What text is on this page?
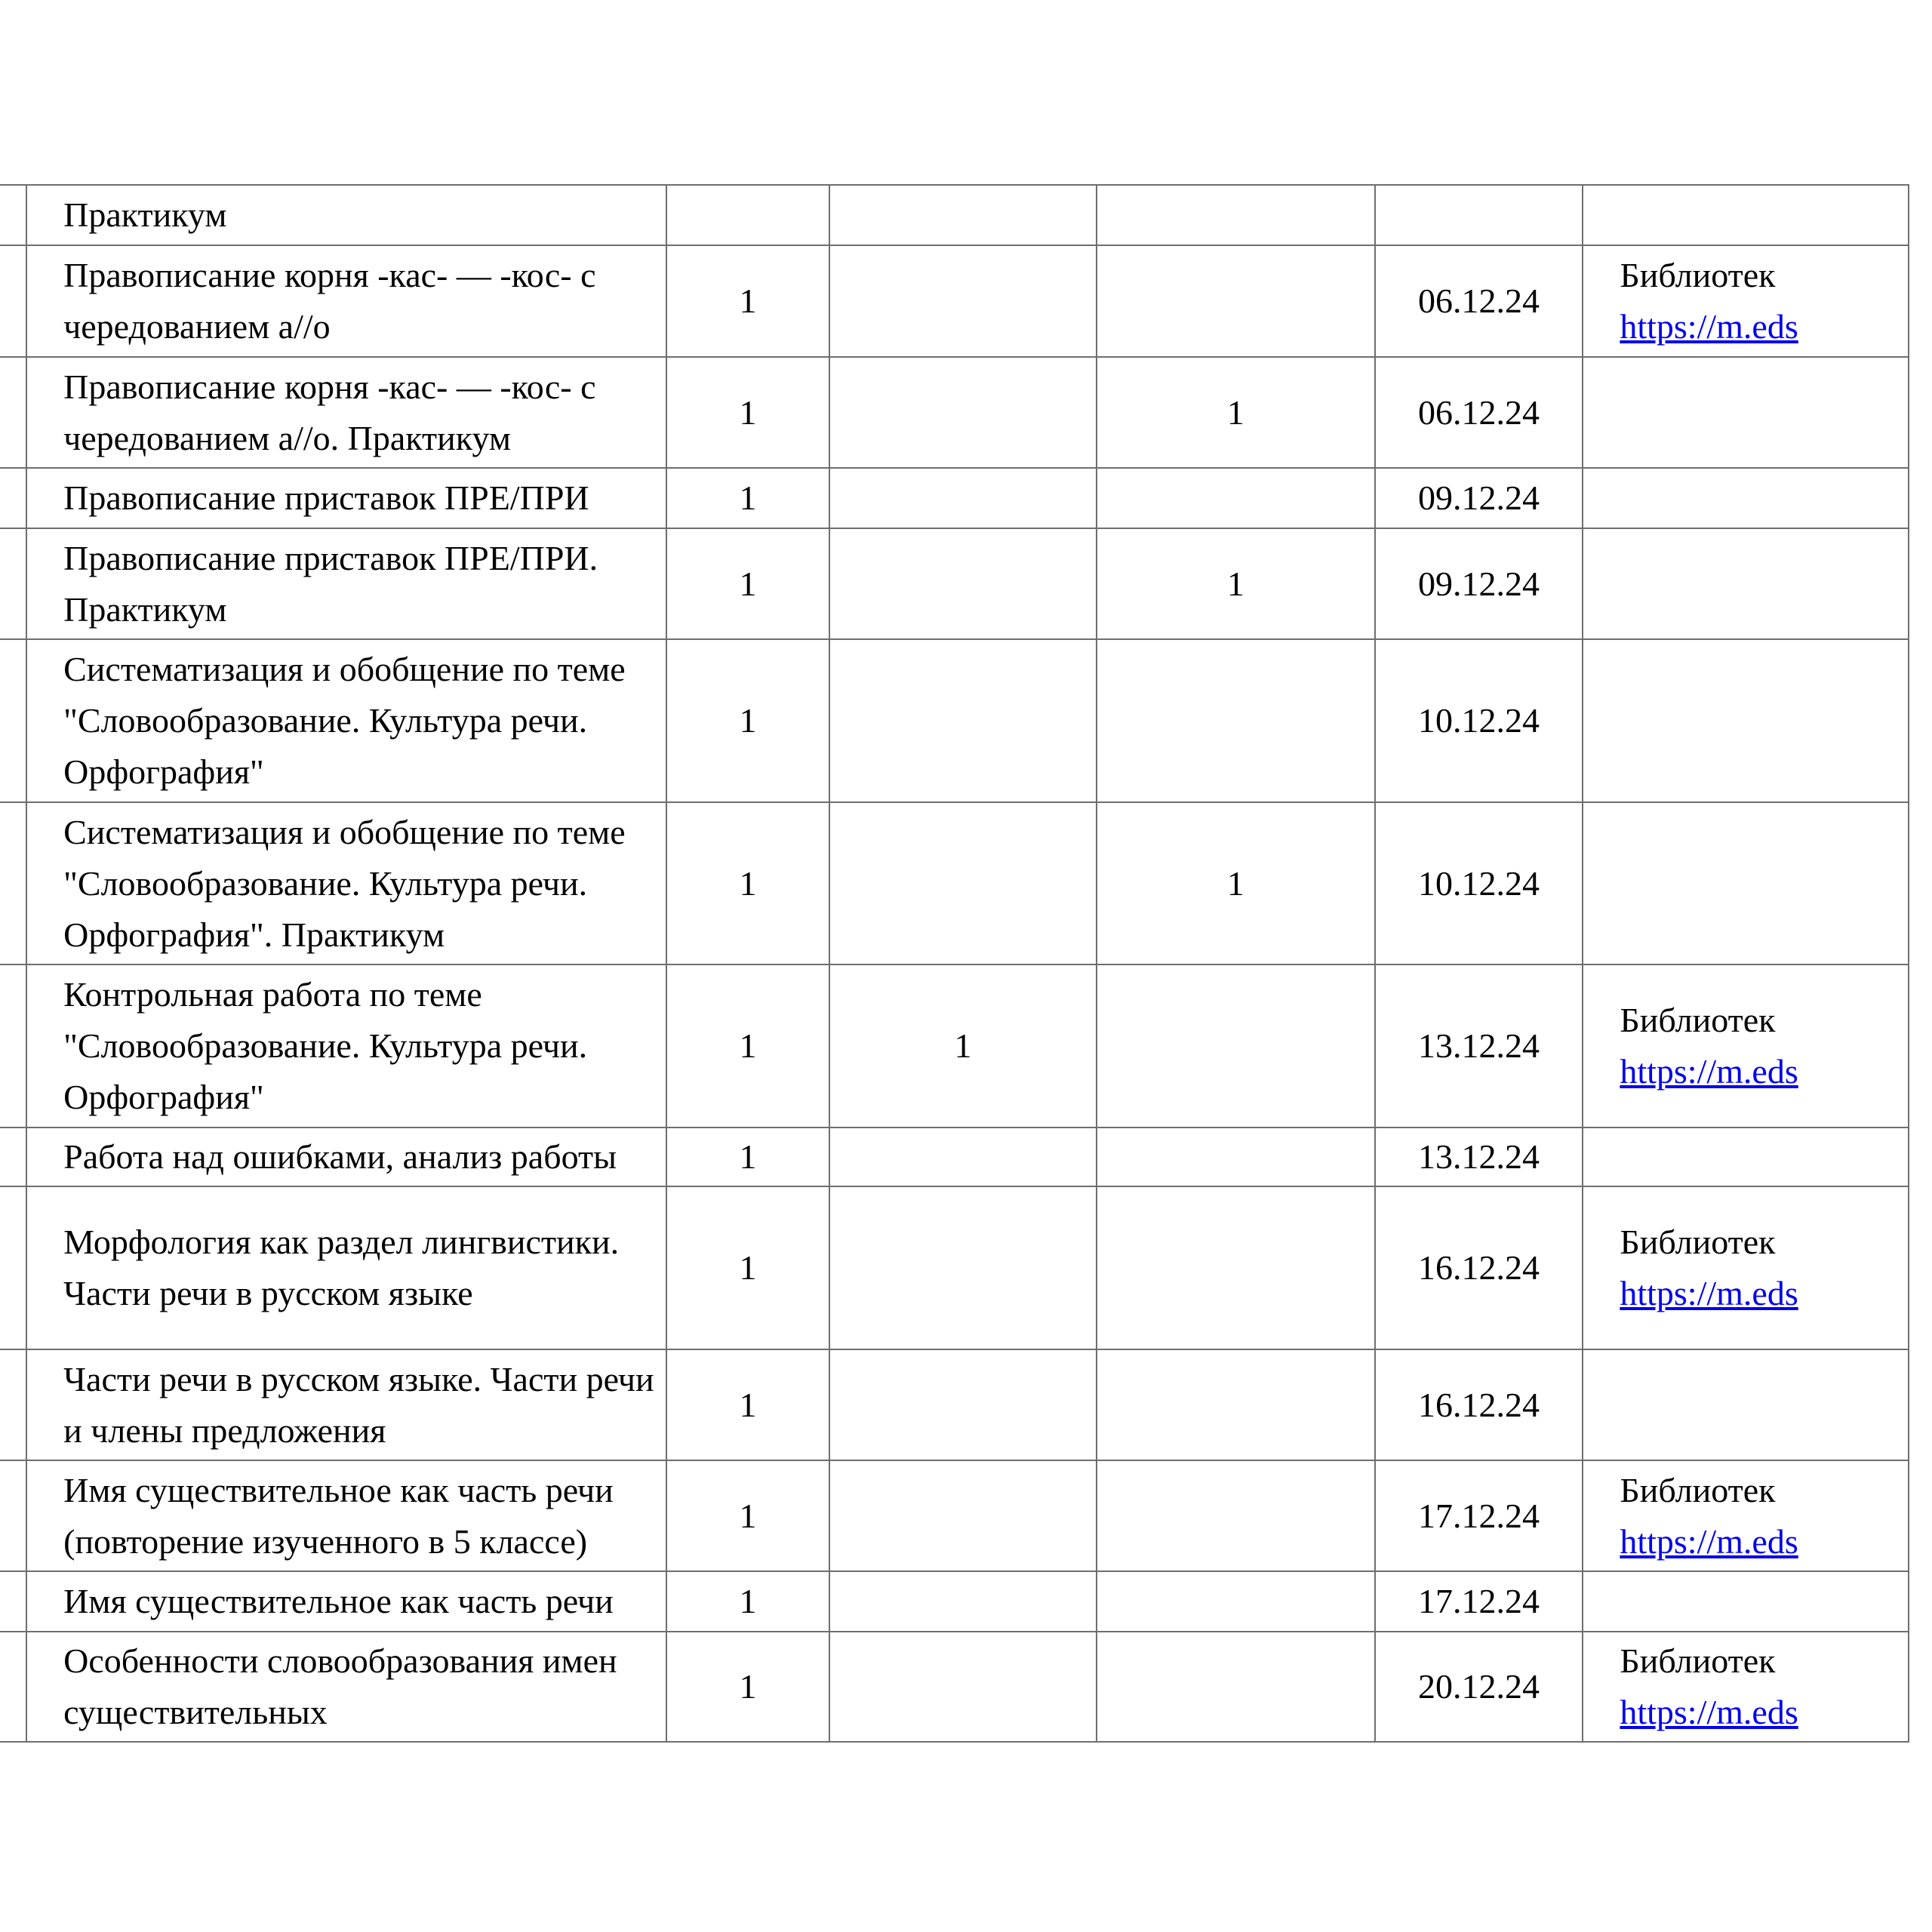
	Практикум					

	Правописание корня -кас- — -кос- с чередованием а//о	1			06.12.24	Библиотек
https://m.eds

	Правописание корня -кас- — -кос- с чередованием а//о. Практикум	1		1	06.12.24	

	Правописание приставок ПРЕ/ПРИ	1			09.12.24	

	Правописание приставок ПРЕ/ПРИ. Практикум	1		1	09.12.24	

	Систематизация и обобщение по теме "Словообразование. Культура речи. Орфография"	1			10.12.24	

	Систематизация и обобщение по теме "Словообразование. Культура речи. Орфография". Практикум	1		1	10.12.24	

	Контрольная работа по теме "Словообразование. Культура речи. Орфография"	1	1		13.12.24	Библиотек
https://m.eds

	Работа над ошибками, анализ работы	1			13.12.24	

	Морфология как раздел лингвистики. Части речи в русском языке	1			16.12.24	Библиотек
https://m.eds

	Части речи в русском языке. Части речи и члены предложения	1			16.12.24	

	Имя существительное как часть речи (повторение изученного в 5 классе)	1			17.12.24	Библиотек
https://m.eds

	Имя существительное как часть речи	1			17.12.24	

	Особенности словообразования имен существительных	1			20.12.24	Библиотек
https://m.eds
